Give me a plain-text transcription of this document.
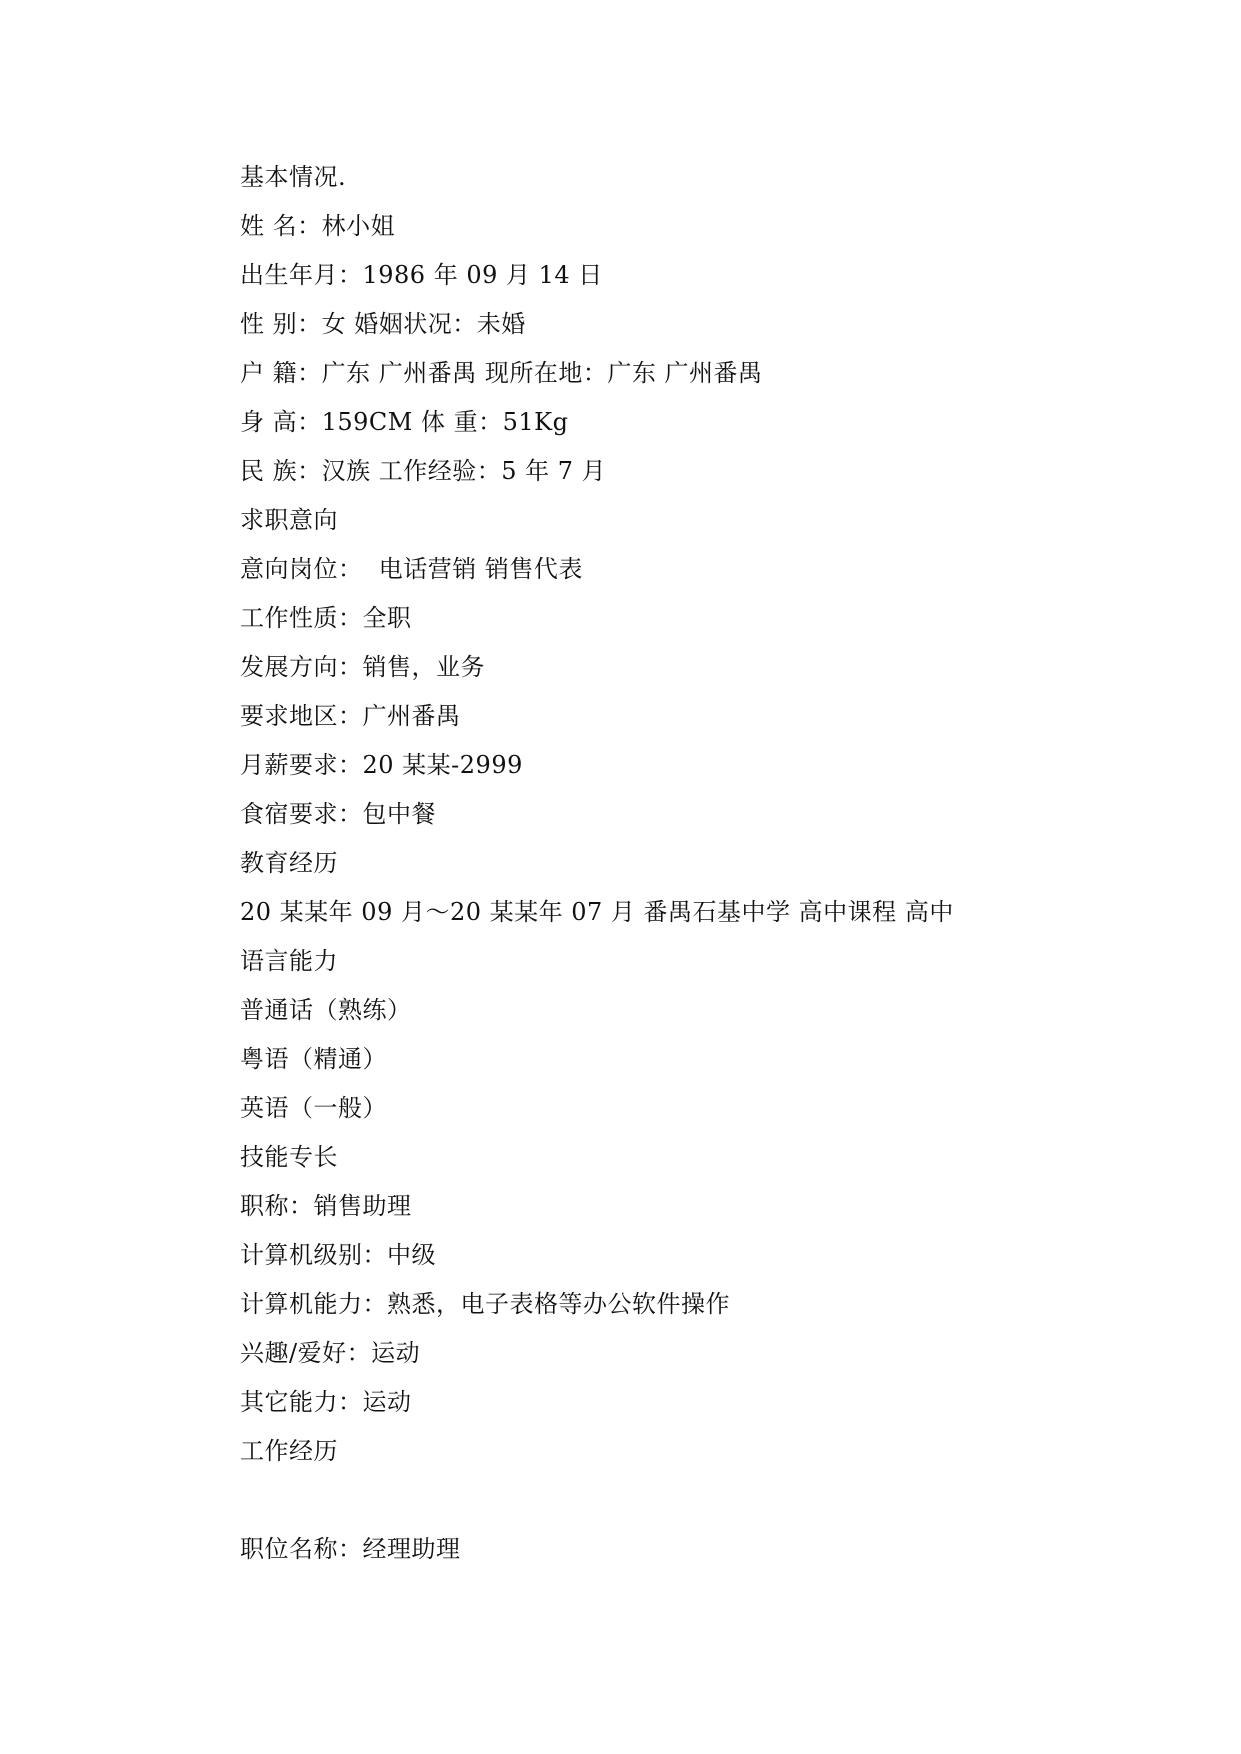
基本情况.
姓 名：林小姐
出生年月：1986 年 09 月 14 日
性 别：女 婚姻状况：未婚
户 籍：广东 广州番禺 现所在地：广东 广州番禺
身 高：159CM 体 重：51Kg
民 族：汉族 工作经验：5 年 7 月
求职意向
意向岗位：  电话营销 销售代表
工作性质：全职
发展方向：销售，业务
要求地区：广州番禺
月薪要求：20 某某-2999
食宿要求：包中餐
教育经历
20 某某年 09 月～20 某某年 07 月 番禺石基中学 高中课程 高中
语言能力
普通话（熟练）
粤语（精通）
英语（一般）
技能专长
职称：销售助理
计算机级别：中级
计算机能力：熟悉，电子表格等办公软件操作
兴趣/爱好：运动
其它能力：运动
工作经历
职位名称：经理助理
